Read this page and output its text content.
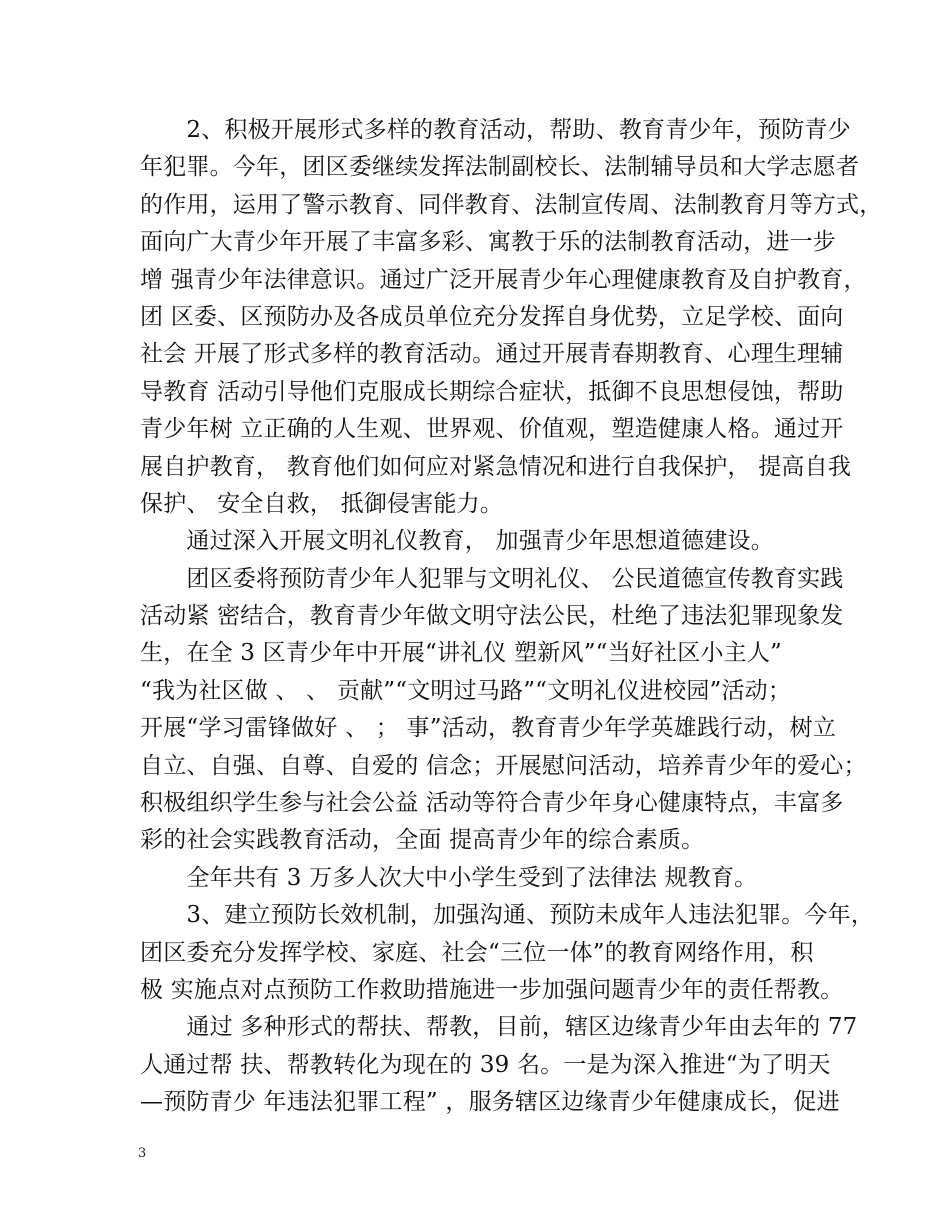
　　2、积极开展形式多样的教育活动，帮助、教育青少年，预防青少
年犯罪。今年，团区委继续发挥法制副校长、法制辅导员和大学志愿者
的作用，运用了警示教育、同伴教育、法制宣传周、法制教育月等方式，
面向广大青少年开展了丰富多彩、寓教于乐的法制教育活动，进一步
增 强青少年法律意识。通过广泛开展青少年心理健康教育及自护教育，
团 区委、区预防办及各成员单位充分发挥自身优势，立足学校、面向
社会 开展了形式多样的教育活动。通过开展青春期教育、心理生理辅
导教育 活动引导他们克服成长期综合症状，抵御不良思想侵蚀，帮助
青少年树 立正确的人生观、世界观、价值观，塑造健康人格。通过开
展自护教育， 教育他们如何应对紧急情况和进行自我保护， 提高自我
保护、 安全自救， 抵御侵害能力。
　　通过深入开展文明礼仪教育， 加强青少年思想道德建设。
　　团区委将预防青少年人犯罪与文明礼仪、 公民道德宣传教育实践
活动紧 密结合，教育青少年做文明守法公民，杜绝了违法犯罪现象发
生，在全 3 区青少年中开展“讲礼仪 塑新风”“当好社区小主人”
“我为社区做 、 、 贡献”“文明过马路”“文明礼仪进校园”活动；
开展“学习雷锋做好 、 ； 事”活动，教育青少年学英雄践行动，树立
自立、自强、自尊、自爱的 信念；开展慰问活动，培养青少年的爱心；
积极组织学生参与社会公益 活动等符合青少年身心健康特点，丰富多
彩的社会实践教育活动，全面 提高青少年的综合素质。
　　全年共有 3 万多人次大中小学生受到了法律法 规教育。
　　3、建立预防长效机制，加强沟通、预防未成年人违法犯罪。今年，
团区委充分发挥学校、家庭、社会“三位一体”的教育网络作用，积
极 实施点对点预防工作救助措施进一步加强问题青少年的责任帮教。
　　通过 多种形式的帮扶、帮教，目前，辖区边缘青少年由去年的 77
人通过帮 扶、帮教转化为现在的 39 名。一是为深入推进“为了明天
—预防青少 年违法犯罪工程” ，服务辖区边缘青少年健康成长，促进
3
